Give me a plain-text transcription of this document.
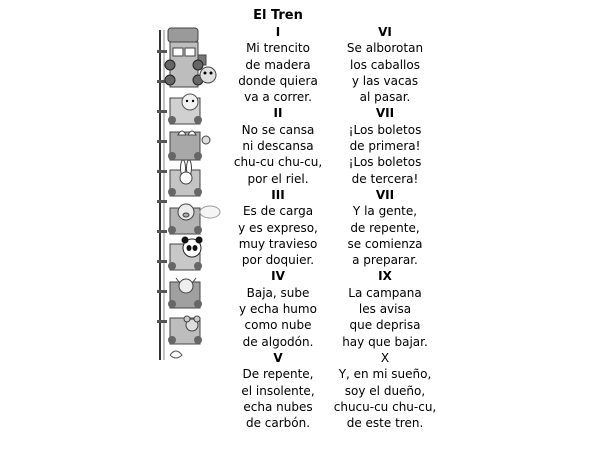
El Tren
I
Mi trencito
de madera
donde quiera
va a correr.
II
No se cansa
ni descansa
chu-cu chu-cu,
por el riel.
III
Es de carga
y es expreso,
muy travieso
por doquier.
IV
Baja, sube
y echa humo
como nube
de algodón.
V
De repente,
el insolente,
echa nubes
de carbón.
VI
Se alborotan
los caballos
y las vacas
al pasar.
VII
¡Los boletos
de primera!
¡Los boletos
de tercera!
VII
Y la gente,
de repente,
se comienza
a preparar.
IX
La campana
les avisa
que deprisa
hay que bajar.
X
Y, en mi sueño,
soy el dueño,
chucu-cu chu-cu,
de este tren.
